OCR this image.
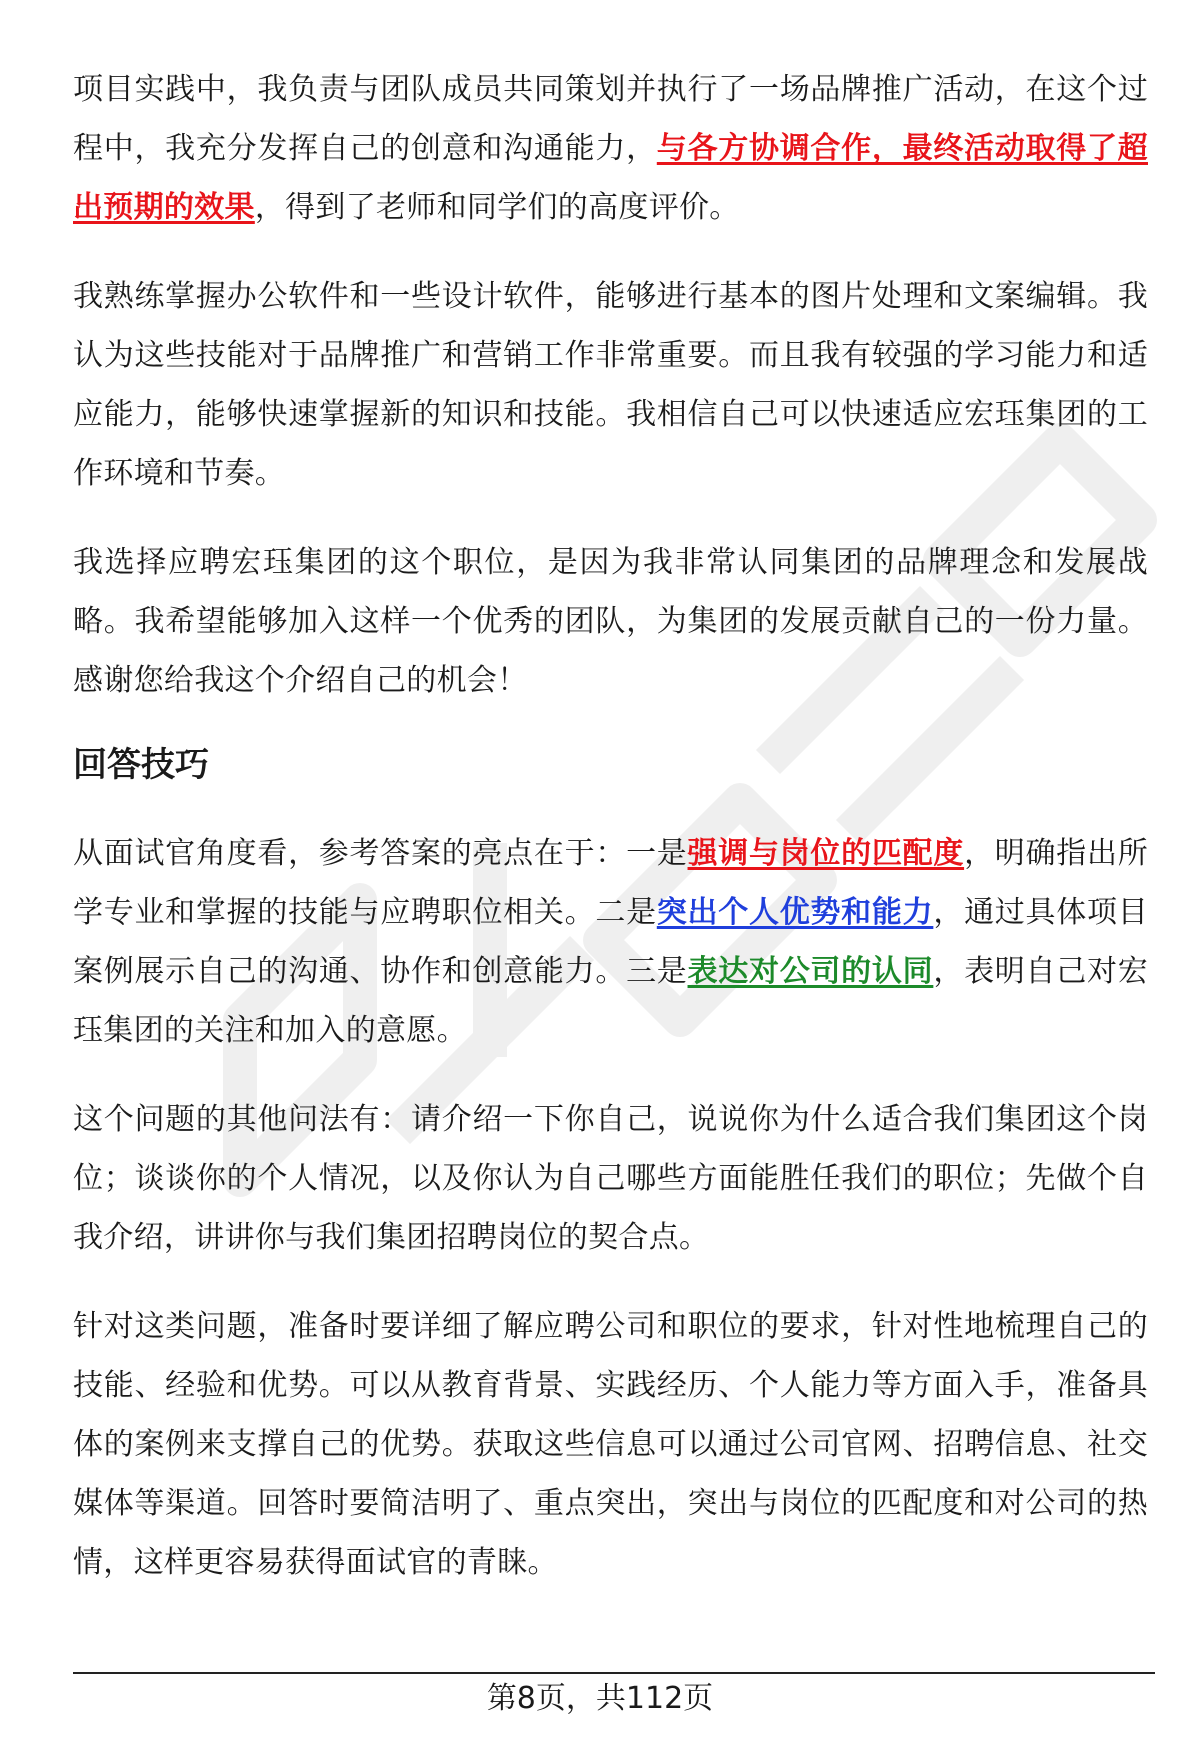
项目实践中，我负责与团队成员共同策划并执行了一场品牌推广活动，在这个过程中，我充分发挥自己的创意和沟通能力，与各方协调合作，最终活动取得了超出预期的效果，得到了老师和同学们的高度评价。

我熟练掌握办公软件和一些设计软件，能够进行基本的图片处理和文案编辑。我认为这些技能对于品牌推广和营销工作非常重要。而且我有较强的学习能力和适应能力，能够快速掌握新的知识和技能。我相信自己可以快速适应宏珏集团的工作环境和节奏。

我选择应聘宏珏集团的这个职位，是因为我非常认同集团的品牌理念和发展战略。我希望能够加入这样一个优秀的团队，为集团的发展贡献自己的一份力量。感谢您给我这个介绍自己的机会！

回答技巧

从面试官角度看，参考答案的亮点在于：一是强调与岗位的匹配度，明确指出所学专业和掌握的技能与应聘职位相关。二是突出个人优势和能力，通过具体项目案例展示自己的沟通、协作和创意能力。三是表达对公司的认同，表明自己对宏珏集团的关注和加入的意愿。

这个问题的其他问法有：请介绍一下你自己，说说你为什么适合我们集团这个岗位；谈谈你的个人情况，以及你认为自己哪些方面能胜任我们的职位；先做个自我介绍，讲讲你与我们集团招聘岗位的契合点。

针对这类问题，准备时要详细了解应聘公司和职位的要求，针对性地梳理自己的技能、经验和优势。可以从教育背景、实践经历、个人能力等方面入手，准备具体的案例来支撑自己的优势。获取这些信息可以通过公司官网、招聘信息、社交媒体等渠道。回答时要简洁明了、重点突出，突出与岗位的匹配度和对公司的热情，这样更容易获得面试官的青睐。

第8页，共112页
